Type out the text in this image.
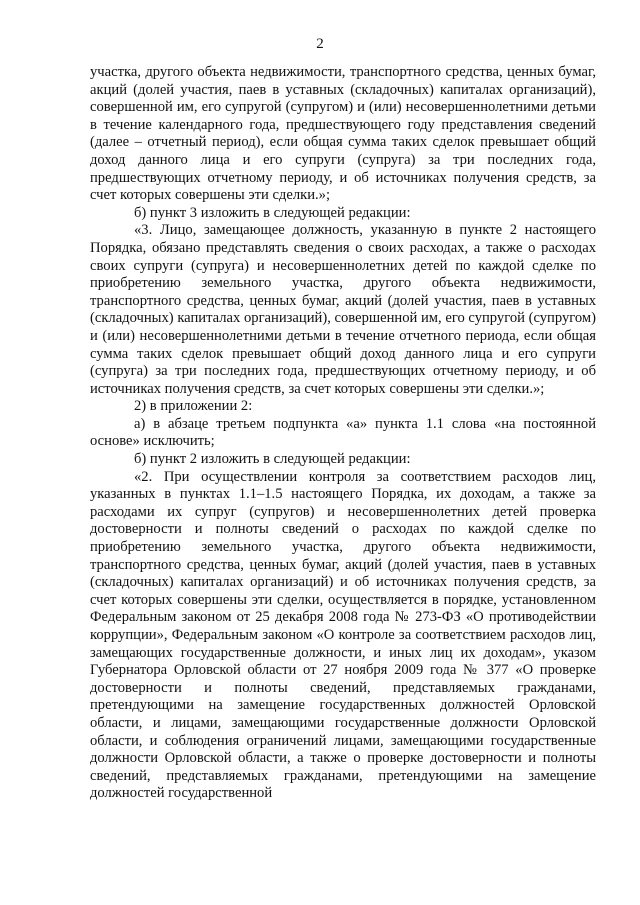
2

участка, другого объекта недвижимости, транспортного средства, ценных бумаг, акций (долей участия, паев в уставных (складочных) капиталах организаций), совершенной им, его супругой (супругом) и (или) несовершеннолетними детьми в течение календарного года, предшествующего году представления сведений (далее – отчетный период), если общая сумма таких сделок превышает общий доход данного лица и его супруги (супруга) за три последних года, предшествующих отчетному периоду, и об источниках получения средств, за счет которых совершены эти сделки.»;

б) пункт 3 изложить в следующей редакции:

«3. Лицо, замещающее должность, указанную в пункте 2 настоящего Порядка, обязано представлять сведения о своих расходах, а также о расходах своих супруги (супруга) и несовершеннолетних детей по каждой сделке по приобретению земельного участка, другого объекта недвижимости, транспортного средства, ценных бумаг, акций (долей участия, паев в уставных (складочных) капиталах организаций), совершенной им, его супругой (супругом) и (или) несовершеннолетними детьми в течение отчетного периода, если общая сумма таких сделок превышает общий доход данного лица и его супруги (супруга) за три последних года, предшествующих отчетному периоду, и об источниках получения средств, за счет которых совершены эти сделки.»;

2) в приложении 2:

а) в абзаце третьем подпункта «а» пункта 1.1 слова «на постоянной основе» исключить;

б) пункт 2 изложить в следующей редакции:

«2. При осуществлении контроля за соответствием расходов лиц, указанных в пунктах 1.1–1.5 настоящего Порядка, их доходам, а также за расходами их супруг (супругов) и несовершеннолетних детей проверка достоверности и полноты сведений о расходах по каждой сделке по приобретению земельного участка, другого объекта недвижимости, транспортного средства, ценных бумаг, акций (долей участия, паев в уставных (складочных) капиталах организаций) и об источниках получения средств, за счет которых совершены эти сделки, осуществляется в порядке, установленном Федеральным законом от 25 декабря 2008 года № 273-ФЗ «О противодействии коррупции», Федеральным законом «О контроле за соответствием расходов лиц, замещающих государственные должности, и иных лиц их доходам», указом Губернатора Орловской области от 27 ноября 2009 года № 377 «О проверке достоверности и полноты сведений, представляемых гражданами, претендующими на замещение государственных должностей Орловской области, и лицами, замещающими государственные должности Орловской области, и соблюдения ограничений лицами, замещающими государственные должности Орловской области, а также о проверке достоверности и полноты сведений, представляемых гражданами, претендующими на замещение должностей государственной
